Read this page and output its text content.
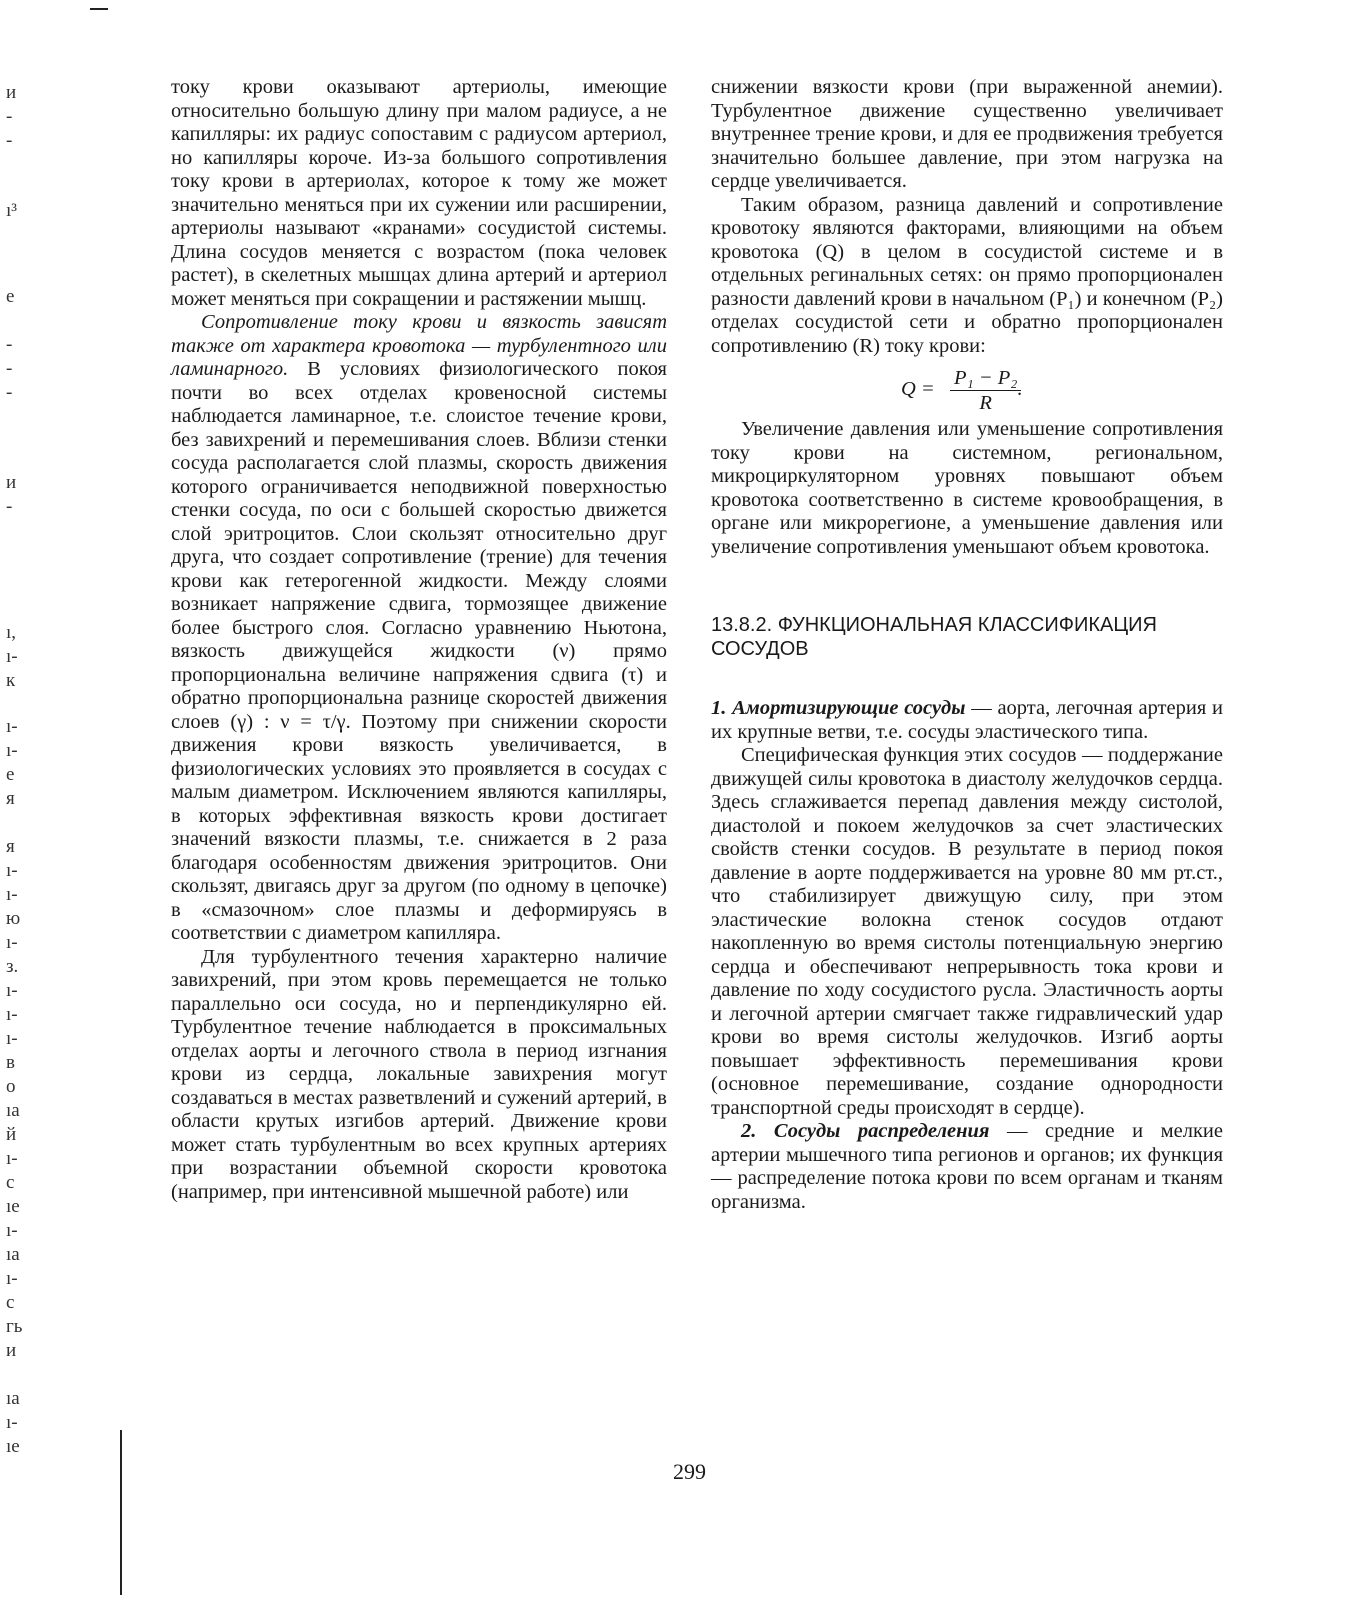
и
-
-
ı³
е
-
-
-
и
-
ı,
ı-
к
ı-
ı-
е
я
я
ı-
ı-
ю
ı-
з.
ı-
ı-
ı-
в
о
ıа
й
ı-
с
ıе
ı-
ıа
ı-
с
гь
и
ıа
ı-
ıе

току крови оказывают артериолы, имеющие относительно большую длину при малом радиусе, а не капилляры: их радиус сопоставим с радиусом артериол, но капилляры короче. Из-за большого сопротивления току крови в артериолах, которое к тому же может значительно меняться при их сужении или расширении, артериолы называют «кранами» сосудистой системы. Длина сосудов меняется с возрастом (пока человек растет), в скелетных мышцах длина артерий и артериол может меняться при сокращении и растяжении мышц.

Сопротивление току крови и вязкость зависят также от характера кровотока — турбулентного или ламинарного. В условиях физиологического покоя почти во всех отделах кровеносной системы наблюдается ламинарное, т.е. слоистое течение крови, без завихрений и перемешивания слоев. Вблизи стенки сосуда располагается слой плазмы, скорость движения которого ограничивается неподвижной поверхностью стенки сосуда, по оси с большей скоростью движется слой эритроцитов. Слои скользят относительно друг друга, что создает сопротивление (трение) для течения крови как гетерогенной жидкости. Между слоями возникает напряжение сдвига, тормозящее движение более быстрого слоя. Согласно уравнению Ньютона, вязкость движущейся жидкости (ν) прямо пропорциональна величине напряжения сдвига (τ) и обратно пропорциональна разнице скоростей движения слоев (γ) : ν = τ/γ. Поэтому при снижении скорости движения крови вязкость увеличивается, в физиологических условиях это проявляется в сосудах с малым диаметром. Исключением являются капилляры, в которых эффективная вязкость крови достигает значений вязкости плазмы, т.е. снижается в 2 раза благодаря особенностям движения эритроцитов. Они скользят, двигаясь друг за другом (по одному в цепочке) в «смазочном» слое плазмы и деформируясь в соответствии с диаметром капилляра.

Для турбулентного течения характерно наличие завихрений, при этом кровь перемещается не только параллельно оси сосуда, но и перпендикулярно ей. Турбулентное течение наблюдается в проксимальных отделах аорты и легочного ствола в период изгнания крови из сердца, локальные завихрения могут создаваться в местах разветвлений и сужений артерий, в области крутых изгибов артерий. Движение крови может стать турбулентным во всех крупных артериях при возрастании объемной скорости кровотока (например, при интенсивной мышечной работе) или

снижении вязкости крови (при выраженной анемии). Турбулентное движение существенно увеличивает внутреннее трение крови, и для ее продвижения требуется значительно большее давление, при этом нагрузка на сердце увеличивается.

Таким образом, разница давлений и сопротивление кровотоку являются факторами, влияющими на объем кровотока (Q) в целом в сосудистой системе и в отдельных регинальных сетях: он прямо пропорционален разности давлений крови в начальном (P₁) и конечном (P₂) отделах сосудистой сети и обратно пропорционален сопротивлению (R) току крови:

$Q = \frac{\text{P₁ − P₂}}{R}$
.

Увеличение давления или уменьшение сопротивления току крови на системном, региональном, микроциркуляторном уровнях повышают объем кровотока соответственно в системе кровообращения, в органе или микрорегионе, а уменьшение давления или увеличение сопротивления уменьшают объем кровотока.

13.8.2. ФУНКЦИОНАЛЬНАЯ КЛАССИФИКАЦИЯ СОСУДОВ

1. Амортизирующие сосуды — аорта, легочная артерия и их крупные ветви, т.е. сосуды эластического типа.

Специфическая функция этих сосудов — поддержание движущей силы кровотока в диастолу желудочков сердца. Здесь сглаживается перепад давления между систолой, диастолой и покоем желудочков за счет эластических свойств стенки сосудов. В результате в период покоя давление в аорте поддерживается на уровне 80 мм рт.ст., что стабилизирует движущую силу, при этом эластические волокна стенок сосудов отдают накопленную во время систолы потенциальную энергию сердца и обеспечивают непрерывность тока крови и давление по ходу сосудистого русла. Эластичность аорты и легочной артерии смягчает также гидравлический удар крови во время систолы желудочков. Изгиб аорты повышает эффективность перемешивания крови (основное перемешивание, создание однородности транспортной среды происходят в сердце).

2. Сосуды распределения — средние и мелкие артерии мышечного типа регионов и органов; их функция — распределение потока крови по всем органам и тканям организма.

299
